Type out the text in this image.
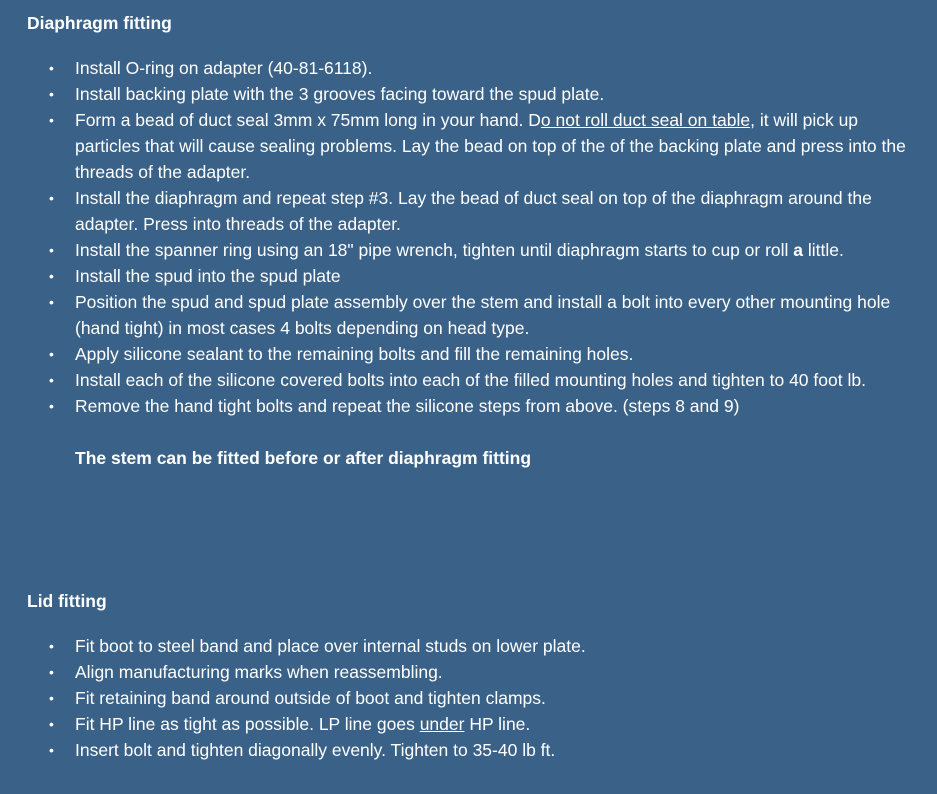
Diaphragm fitting

• Install O-ring on adapter (40-81-6118).
• Install backing plate with the 3 grooves facing toward the spud plate.
• Form a bead of duct seal 3mm x 75mm long in your hand. Do not roll duct seal on table, it will pick up particles that will cause sealing problems. Lay the bead on top of the of the backing plate and press into the threads of the adapter.
• Install the diaphragm and repeat step #3. Lay the bead of duct seal on top of the diaphragm around the adapter. Press into threads of the adapter.
• Install the spanner ring using an 18" pipe wrench, tighten until diaphragm starts to cup or roll a little.
• Install the spud into the spud plate
• Position the spud and spud plate assembly over the stem and install a bolt into every other mounting hole (hand tight) in most cases 4 bolts depending on head type.
• Apply silicone sealant to the remaining bolts and fill the remaining holes.
• Install each of the silicone covered bolts into each of the filled mounting holes and tighten to 40 foot lb.
• Remove the hand tight bolts and repeat the silicone steps from above. (steps 8 and 9)
The stem can be fitted before or after diaphragm fitting

Lid fitting

• Fit boot to steel band and place over internal studs on lower plate.
• Align manufacturing marks when reassembling.
• Fit retaining band around outside of boot and tighten clamps.
• Fit HP line as tight as possible. LP line goes under HP line.
• Insert bolt and tighten diagonally evenly. Tighten to 35-40 lb ft.
